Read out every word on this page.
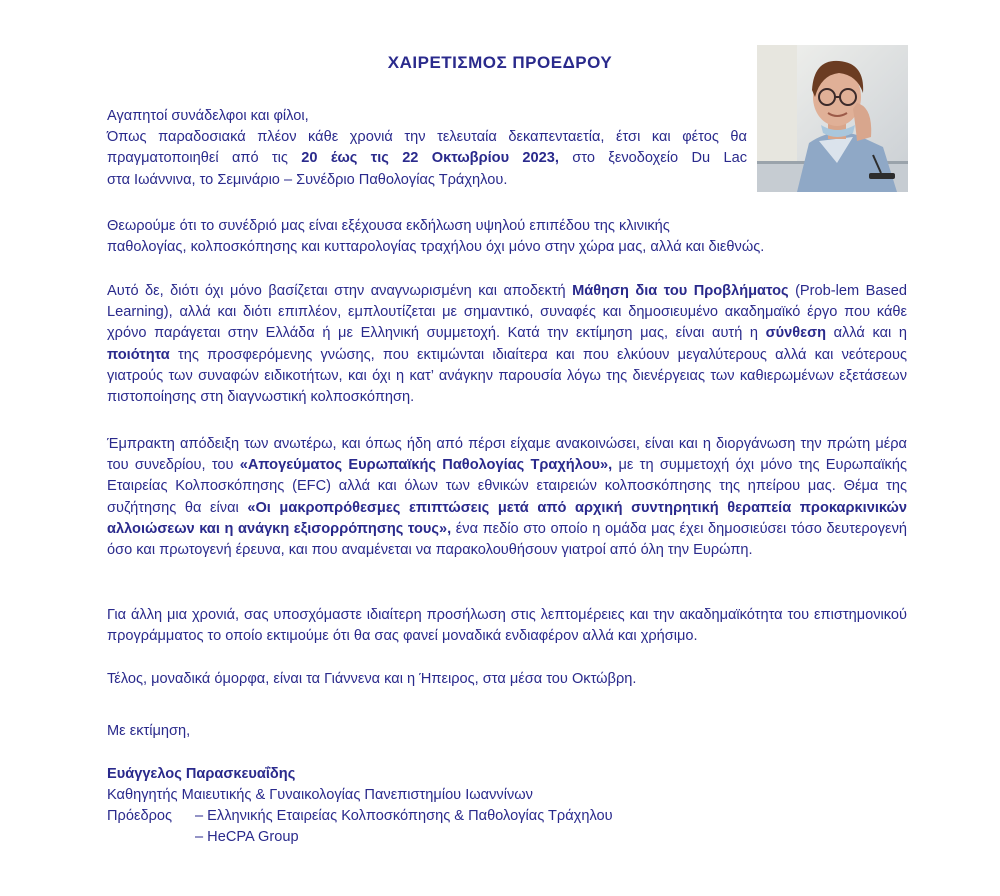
ΧΑΙΡΕΤΙΣΜΟΣ ΠΡΟΕΔΡΟΥ
Αγαπητοί συνάδελφοι και φίλοι,
Όπως παραδοσιακά πλέον κάθε χρονιά την τελευταία δεκαπενταετία, έτσι και φέτος θα
πραγματοποιηθεί από τις 20 έως τις 22 Οκτωβρίου 2023, στο ξενοδοχείο Du Lac
στα Ιωάννινα, το Σεμινάριο – Συνέδριο Παθολογίας Τράχηλου.
Θεωρούμε ότι το συνέδριό μας είναι εξέχουσα εκδήλωση υψηλού επιπέδου της κλινικής
παθολογίας, κολποσκόπησης και κυτταρολογίας τραχήλου όχι μόνο στην χώρα μας, αλλά και διεθνώς.

Αυτό δε, διότι όχι μόνο βασίζεται στην αναγνωρισμένη και αποδεκτή Μάθηση δια του Προβλήματος (Prob-lem Based Learning), αλλά και διότι επιπλέον, εμπλουτίζεται με σημαντικό, συναφές και δημοσιευμένο ακαδημαϊκό έργο που κάθε χρόνο παράγεται στην Ελλάδα ή με Ελληνική συμμετοχή. Κατά την εκτίμηση μας, είναι αυτή η σύνθεση αλλά και η ποιότητα της προσφερόμενης γνώσης, που εκτιμώνται ιδιαίτερα και που ελκύουν μεγαλύτερους αλλά και νεότερους γιατρούς των συναφών ειδικοτήτων, και όχι η κατ’ ανάγκην παρουσία λόγω της διενέργειας των καθιερωμένων εξετάσεων πιστοποίησης στη διαγνωστική κολποσκόπηση.

Έμπρακτη απόδειξη των ανωτέρω, και όπως ήδη από πέρσι είχαμε ανακοινώσει, είναι και η διοργάνωση την πρώτη μέρα του συνεδρίου, του «Απογεύματος Ευρωπαϊκής Παθολογίας Τραχήλου», με τη συμμετοχή όχι μόνο της Ευρωπαϊκής Εταιρείας Κολποσκόπησης (EFC) αλλά και όλων των εθνικών εταιρειών κολποσκόπησης της ηπείρου μας. Θέμα της συζήτησης θα είναι «Οι μακροπρόθεσμες επιπτώσεις μετά από αρχική συντηρητική θεραπεία προκαρκινικών αλλοιώσεων και η ανάγκη εξισορρόπησης τους», ένα πεδίο στο οποίο η ομάδα μας έχει δημοσιεύσει τόσο δευτερογενή όσο και πρωτογενή έρευνα, και που αναμένεται να παρακολουθήσουν γιατροί από όλη την Ευρώπη.

Για άλλη μια χρονιά, σας υποσχόμαστε ιδιαίτερη προσήλωση στις λεπτομέρειες και την ακαδημαϊκότητα του επιστημονικού προγράμματος το οποίο εκτιμούμε ότι θα σας φανεί μοναδικά ενδιαφέρον αλλά και χρήσιμο.

Τέλος, μοναδικά όμορφα, είναι τα Γιάννενα και η Ήπειρος, στα μέσα του Οκτώβρη.

Με εκτίμηση,

Ευάγγελος Παρασκευαΐδης
Καθηγητής Μαιευτικής & Γυναικολογίας Πανεπιστημίου Ιωαννίνων
Πρόεδρος	– Ελληνικής Εταιρείας Κολποσκόπησης & Παθολογίας Τράχηλου
– HeCPA Group
